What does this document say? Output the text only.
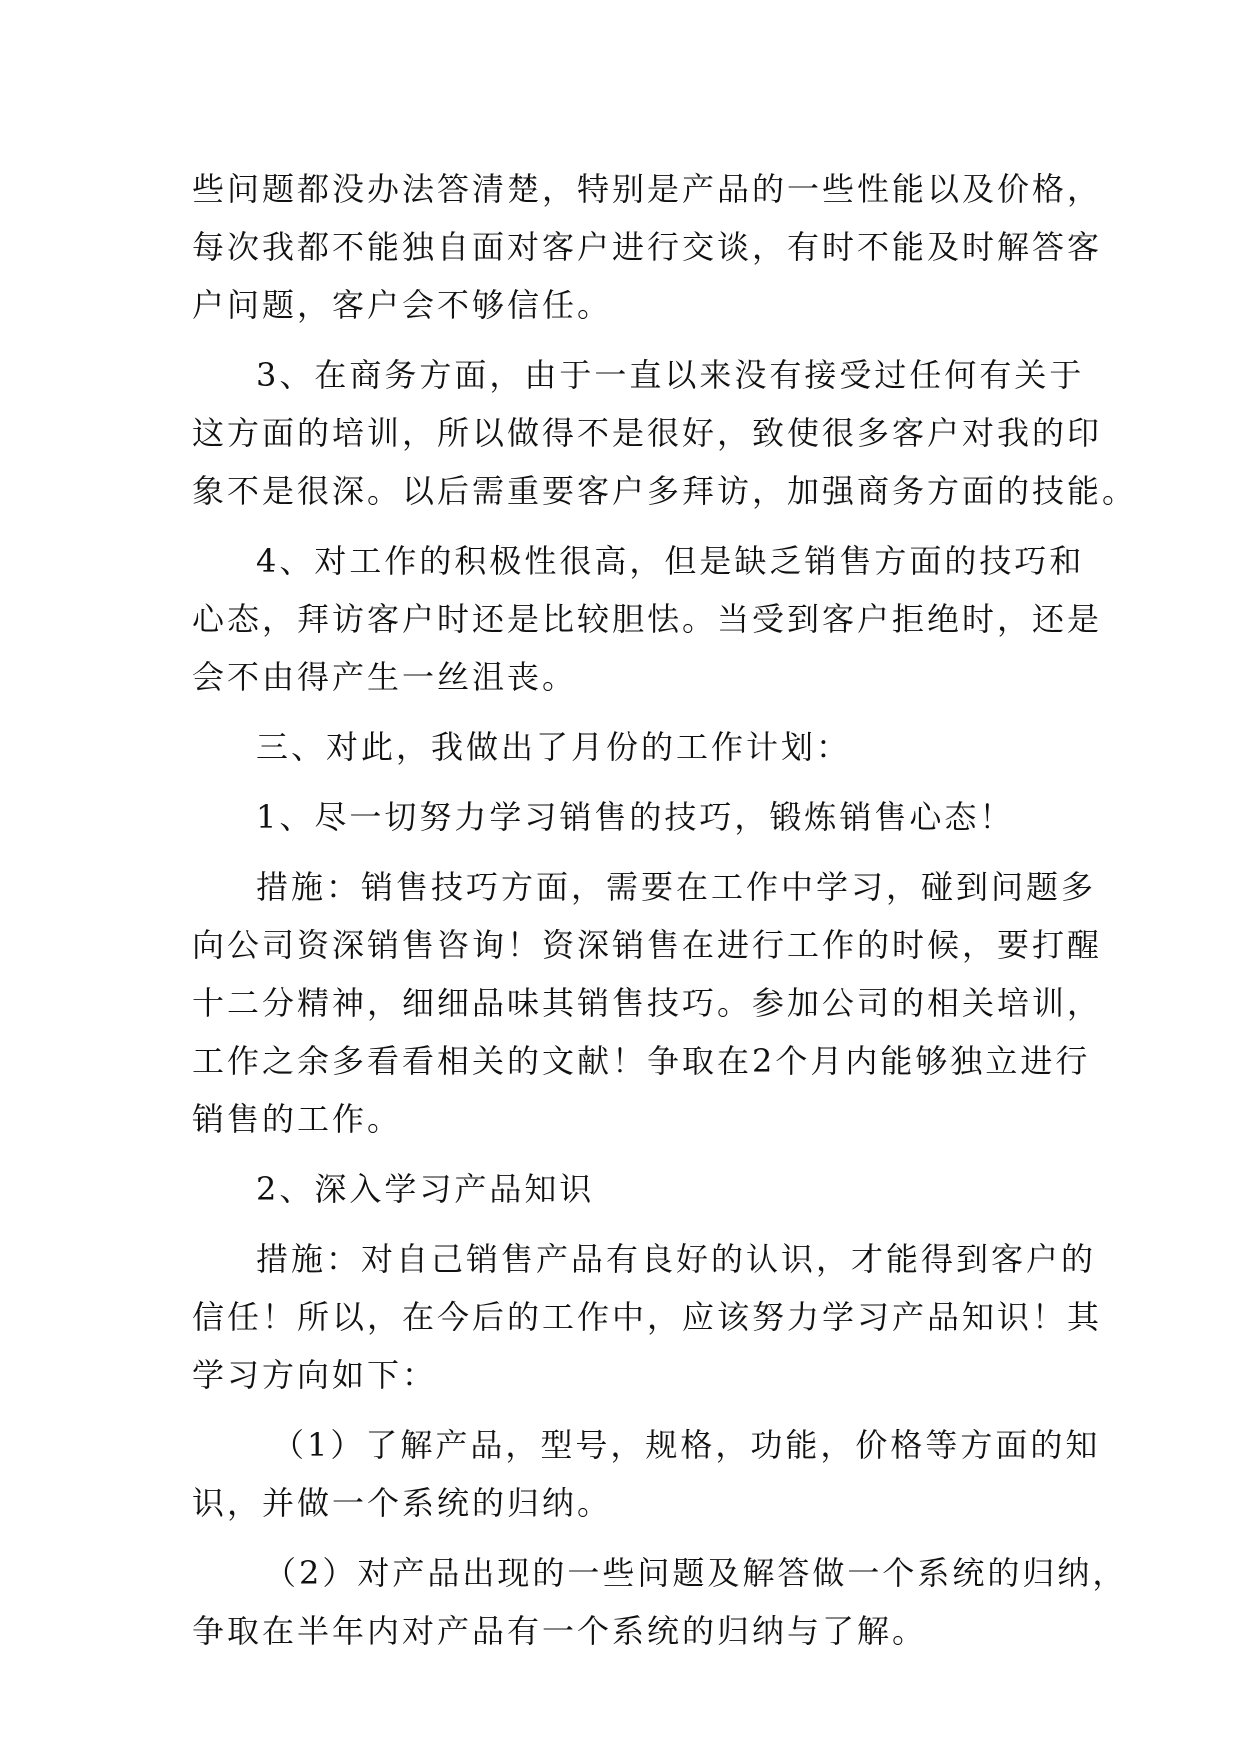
些问题都没办法答清楚，特别是产品的一些性能以及价格，
每次我都不能独自面对客户进行交谈，有时不能及时解答客
户问题，客户会不够信任。
3、在商务方面，由于一直以来没有接受过任何有关于
这方面的培训，所以做得不是很好，致使很多客户对我的印
象不是很深。以后需重要客户多拜访，加强商务方面的技能。
4、对工作的积极性很高，但是缺乏销售方面的技巧和
心态，拜访客户时还是比较胆怯。当受到客户拒绝时，还是
会不由得产生一丝沮丧。
三、对此，我做出了月份的工作计划：
1、尽一切努力学习销售的技巧，锻炼销售心态！
措施：销售技巧方面，需要在工作中学习，碰到问题多
向公司资深销售咨询！资深销售在进行工作的时候，要打醒
十二分精神，细细品味其销售技巧。参加公司的相关培训，
工作之余多看看相关的文献！争取在2个月内能够独立进行
销售的工作。
2、深入学习产品知识
措施：对自己销售产品有良好的认识，才能得到客户的
信任！所以，在今后的工作中，应该努力学习产品知识！其
学习方向如下：
（1）了解产品，型号，规格，功能，价格等方面的知
识，并做一个系统的归纳。
（2）对产品出现的一些问题及解答做一个系统的归纳，
争取在半年内对产品有一个系统的归纳与了解。
